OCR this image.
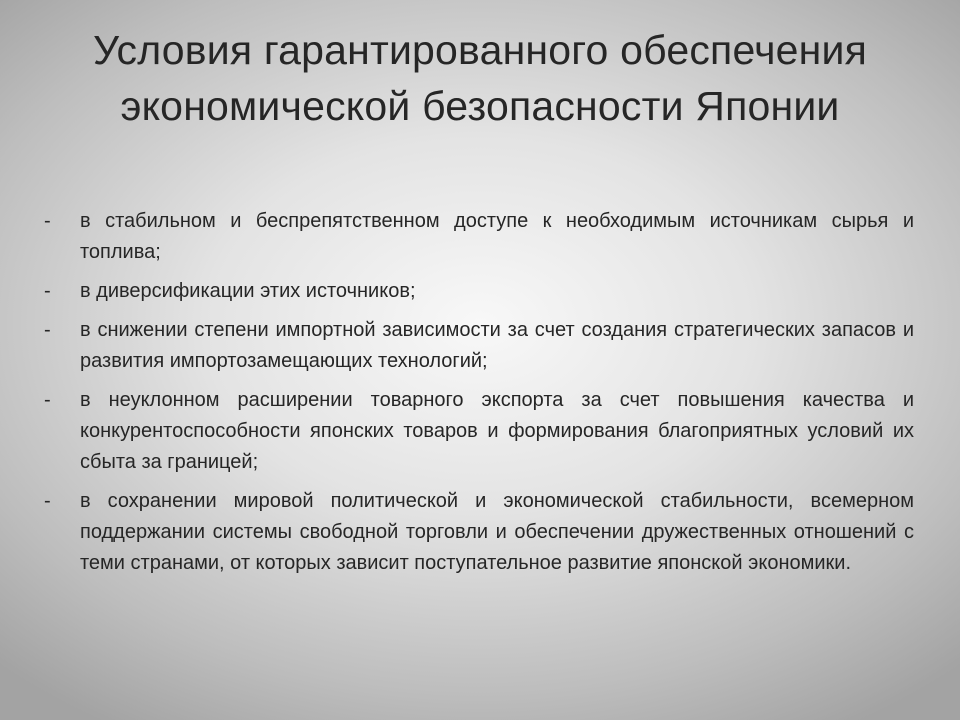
Условия гарантированного обеспечения
экономической безопасности Японии
- в стабильном и беспрепятственном доступе к необходимым источникам сырья и топлива;
- в диверсификации этих источников;
- в снижении степени импортной зависимости за счет создания стратегических запасов и развития импортозамещающих технологий;
- в неуклонном расширении товарного экспорта за счет повышения качества и конкурентоспособности японских товаров и формирования благоприятных условий их сбыта за границей;
- в сохранении мировой политической и экономической стабильности, всемерном поддержании системы свободной торговли и обеспечении дружественных отношений с теми странами, от которых зависит поступательное развитие японской экономики.
